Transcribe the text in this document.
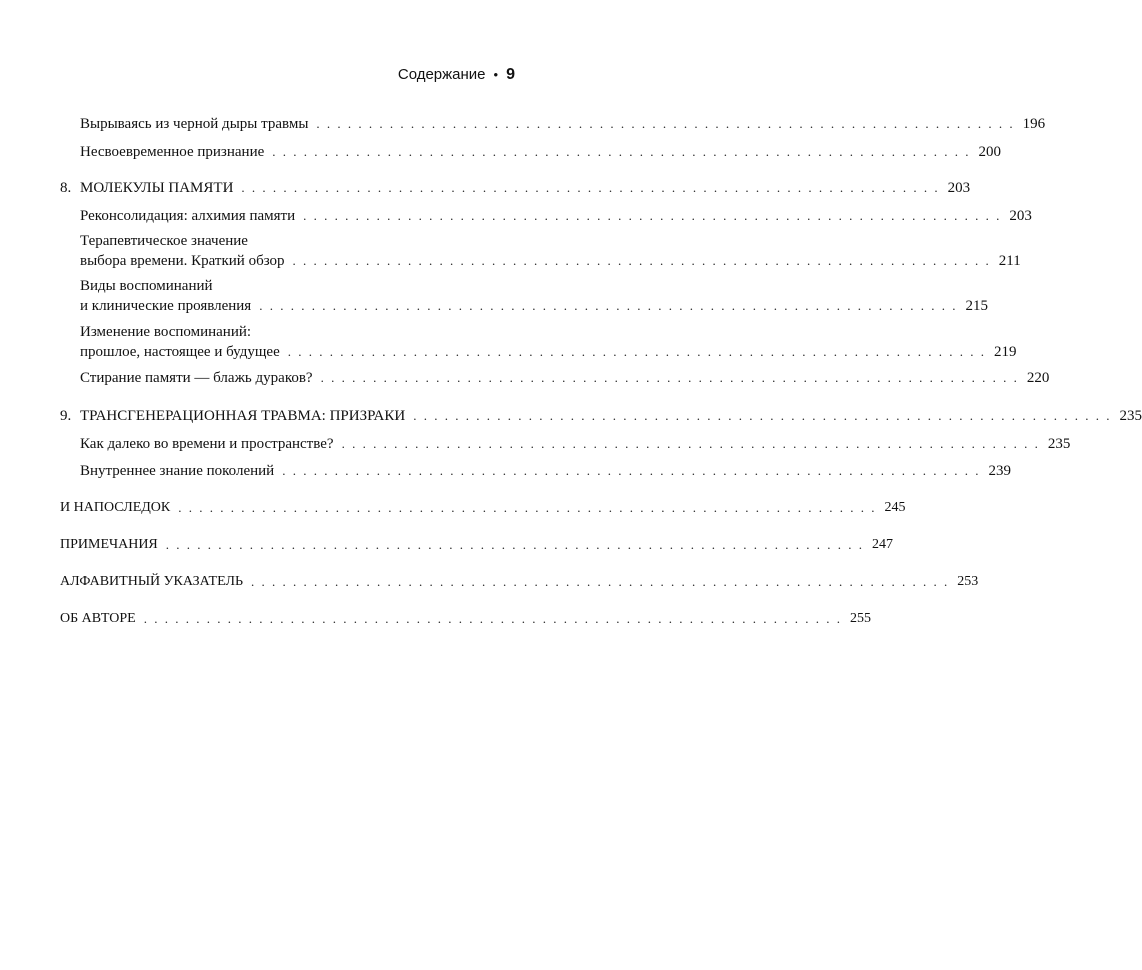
Содержание • 9
Вырываясь из черной дыры травмы . . . . . . . . . . . . . . . . . . . . . . . . . . . . . . . . . . . . . . . . . . . . . . . . . . . . . . . . . . . . . . . . . . . 196
Несвоевременное признание . . . . . . . . . . . . . . . . . . . . . . . . . . . . . . . . . . . . . . . . . . . . . . . . . . . . . . . . . . . . . . . . . . . 200
8. МОЛЕКУЛЫ ПАМЯТИ . . . . . . . . . . . . . . . . . . . . . . . . . . . . . . . . . . . . . . . . . . . . . . . . . . . . . . . . . . . . . . . . . . . 203
Реконсолидация: алхимия памяти . . . . . . . . . . . . . . . . . . . . . . . . . . . . . . . . . . . . . . . . . . . . . . . . . . . . . . . . . . . . . . . . . . . 203
Терапевтическое значение
выбора времени. Краткий обзор . . . . . . . . . . . . . . . . . . . . . . . . . . . . . . . . . . . . . . . . . . . . . . . . . . . . . . . . . . . . . . . . . . . 211
Виды воспоминаний
и клинические проявления . . . . . . . . . . . . . . . . . . . . . . . . . . . . . . . . . . . . . . . . . . . . . . . . . . . . . . . . . . . . . . . . . . . 215
Изменение воспоминаний:
прошлое, настоящее и будущее . . . . . . . . . . . . . . . . . . . . . . . . . . . . . . . . . . . . . . . . . . . . . . . . . . . . . . . . . . . . . . . . . . . 219
Стирание памяти — блажь дураков? . . . . . . . . . . . . . . . . . . . . . . . . . . . . . . . . . . . . . . . . . . . . . . . . . . . . . . . . . . . . . . . . . . . 220
9. ТРАНСГЕНЕРАЦИОННАЯ ТРАВМА: ПРИЗРАКИ . . . . . . . . . . . . . . . . . . . . . . . . . . . . . . . . . . . . . . . . . . . . . . . . . . . . . . . . . . . . . . . . . . . 235
Как далеко во времени и пространстве? . . . . . . . . . . . . . . . . . . . . . . . . . . . . . . . . . . . . . . . . . . . . . . . . . . . . . . . . . . . . . . . . . . . 235
Внутреннее знание поколений . . . . . . . . . . . . . . . . . . . . . . . . . . . . . . . . . . . . . . . . . . . . . . . . . . . . . . . . . . . . . . . . . . . 239
И НАПОСЛЕДОК . . . . . . . . . . . . . . . . . . . . . . . . . . . . . . . . . . . . . . . . . . . . . . . . . . . . . . . . . . . . . . . . . . . 245
ПРИМЕЧАНИЯ . . . . . . . . . . . . . . . . . . . . . . . . . . . . . . . . . . . . . . . . . . . . . . . . . . . . . . . . . . . . . . . . . . . 247
АЛФАВИТНЫЙ УКАЗАТЕЛЬ . . . . . . . . . . . . . . . . . . . . . . . . . . . . . . . . . . . . . . . . . . . . . . . . . . . . . . . . . . . . . . . . . . . 253
ОБ АВТОРЕ . . . . . . . . . . . . . . . . . . . . . . . . . . . . . . . . . . . . . . . . . . . . . . . . . . . . . . . . . . . . . . . . . . . 255
